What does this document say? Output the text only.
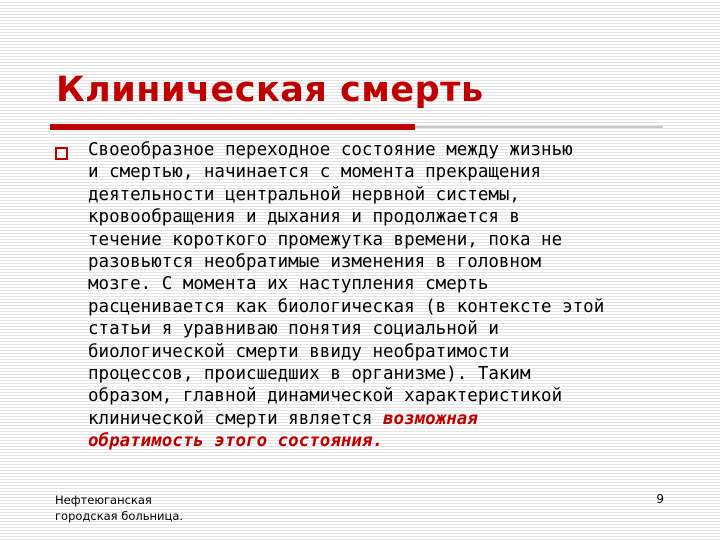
Клиническая смерть
Своеобразное переходное состояние между жизнью
и смертью, начинается с момента прекращения
деятельности центральной нервной системы,
кровообращения и дыхания и продолжается в
течение короткого промежутка времени, пока не
разовьются необратимые изменения в головном
мозге. С момента их наступления смерть
расценивается как биологическая (в контексте этой
статьи я уравниваю понятия социальной и
биологической смерти ввиду необратимости
процессов, происшедших в организме). Таким
образом, главной динамической характеристикой
клинической смерти является возможная
обратимость этого состояния.
Нефтеюганская
городская больница.
9
